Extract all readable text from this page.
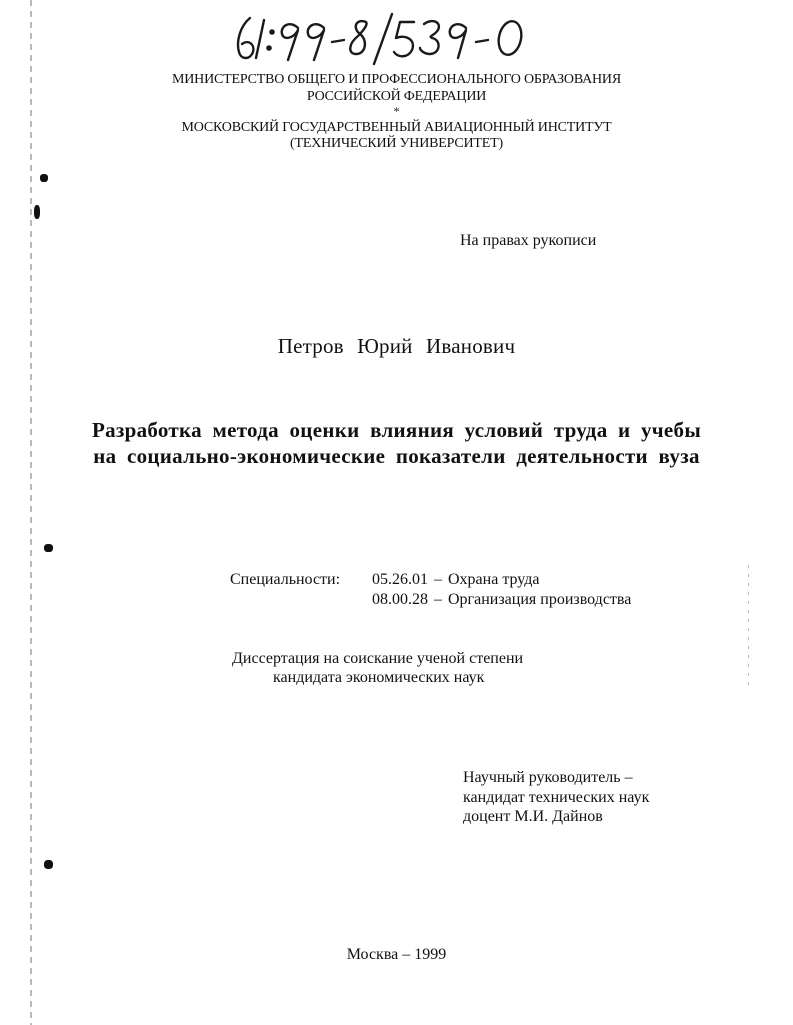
МИНИСТЕРСТВО ОБЩЕГО И ПРОФЕССИОНАЛЬНОГО ОБРАЗОВАНИЯ
РОССИЙСКОЙ ФЕДЕРАЦИИ
*
МОСКОВСКИЙ ГОСУДАРСТВЕННЫЙ АВИАЦИОННЫЙ ИНСТИТУТ
(ТЕХНИЧЕСКИЙ УНИВЕРСИТЕТ)
На правах рукописи
Петров Юрий Иванович
Разработка метода оценки влияния условий труда и учебы
на социально-экономические показатели деятельности вуза
Специальности: 05.26.01 – Охрана труда
08.00.28 – Организация производства
Диссертация на соискание ученой степени
кандидата экономических наук
Научный руководитель –
кандидат технических наук
доцент М.И. Дайнов
Москва – 1999
